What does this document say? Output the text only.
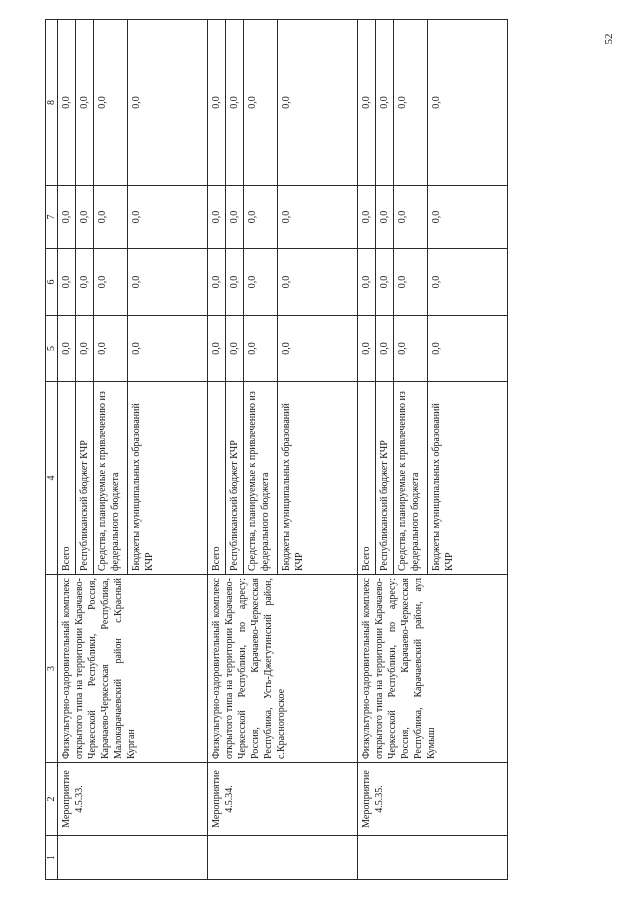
52
1	2	3	4	5	6	7	8
	Мероприятие 4.5.33.	Физкультурно-оздоровительный комплекс открытого типа на территории Карачаево-Черкесской Республики, Россия, Карачаево-Черкесская Республика, Малокарачаевский район с.Красный Курган	Всего	0,0	0,0	0,0	0,0
			Республиканский бюджет КЧР	0,0	0,0	0,0	0,0
			Средства, планируемые к привлечению из федерального бюджета	0,0	0,0	0,0	0,0
			Бюджеты муниципальных образований КЧР	0,0	0,0	0,0	0,0
	Мероприятие 4.5.34.	Физкультурно-оздоровительный комплекс открытого типа на территории Карачаево-Черкесской Республики, по адресу: Россия, Карачаево-Черкесская Республика, Усть-Джегутинский район, с.Красногорское	Всего	0,0	0,0	0,0	0,0
			Республиканский бюджет КЧР	0,0	0,0	0,0	0,0
			Средства, планируемые к привлечению из федерального бюджета	0,0	0,0	0,0	0,0
			Бюджеты муниципальных образований КЧР	0,0	0,0	0,0	0,0
	Мероприятие 4.5.35.	Физкультурно-оздоровительный комплекс открытого типа на территории Карачаево-Черкесской Республики, по адресу: Россия, Карачаево-Черкесская Республика, Карачаевский район, аул Кумыш	Всего	0,0	0,0	0,0	0,0
			Республиканский бюджет КЧР	0,0	0,0	0,0	0,0
			Средства, планируемые к привлечению из федерального бюджета	0,0	0,0	0,0	0,0
			Бюджеты муниципальных образований КЧР	0,0	0,0	0,0	0,0
